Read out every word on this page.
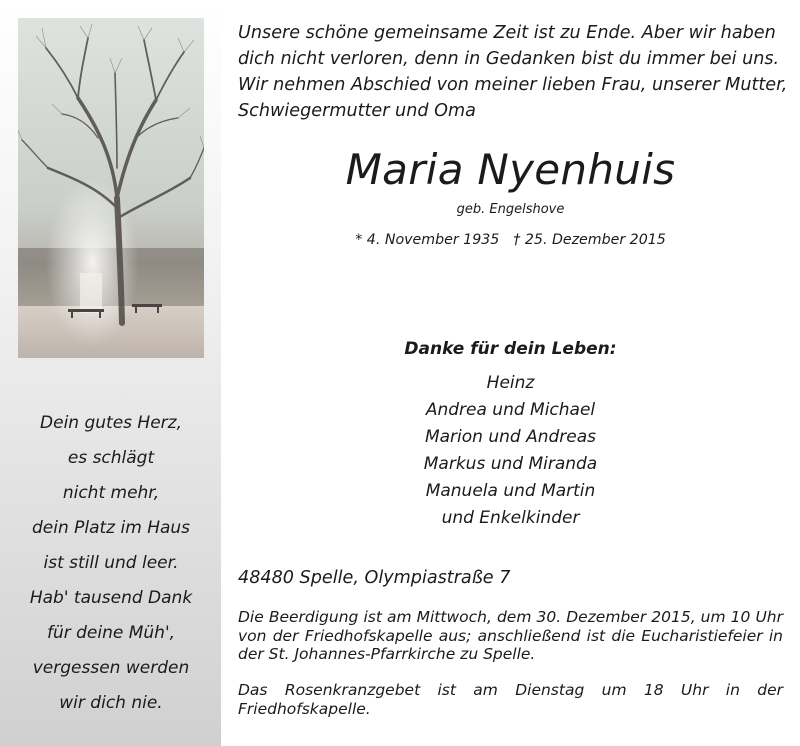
Dein gutes Herz,
es schlägt
nicht mehr,
dein Platz im Haus
ist still und leer.
Hab' tausend Dank
für deine Müh',
vergessen werden
wir dich nie.
Unsere schöne gemeinsame Zeit ist zu Ende. Aber wir haben
dich nicht verloren, denn in Gedanken bist du immer bei uns.
Wir nehmen Abschied von meiner lieben Frau, unserer Mutter,
Schwiegermutter und Oma
Maria Nyenhuis
geb. Engelshove
* 4. November 1935 † 25. Dezember 2015
Danke für dein Leben:
Heinz
Andrea und Michael
Marion und Andreas
Markus und Miranda
Manuela und Martin
und Enkelkinder
48480 Spelle, Olympiastraße 7
Die Beerdigung ist am Mittwoch, dem 30. Dezember 2015, um 10 Uhr von der Friedhofskapelle aus; anschließend ist die Eucharistiefeier in der St. Johannes-Pfarrkirche zu Spelle.
Das Rosenkranzgebet ist am Dienstag um 18 Uhr in der Friedhofskapelle.
